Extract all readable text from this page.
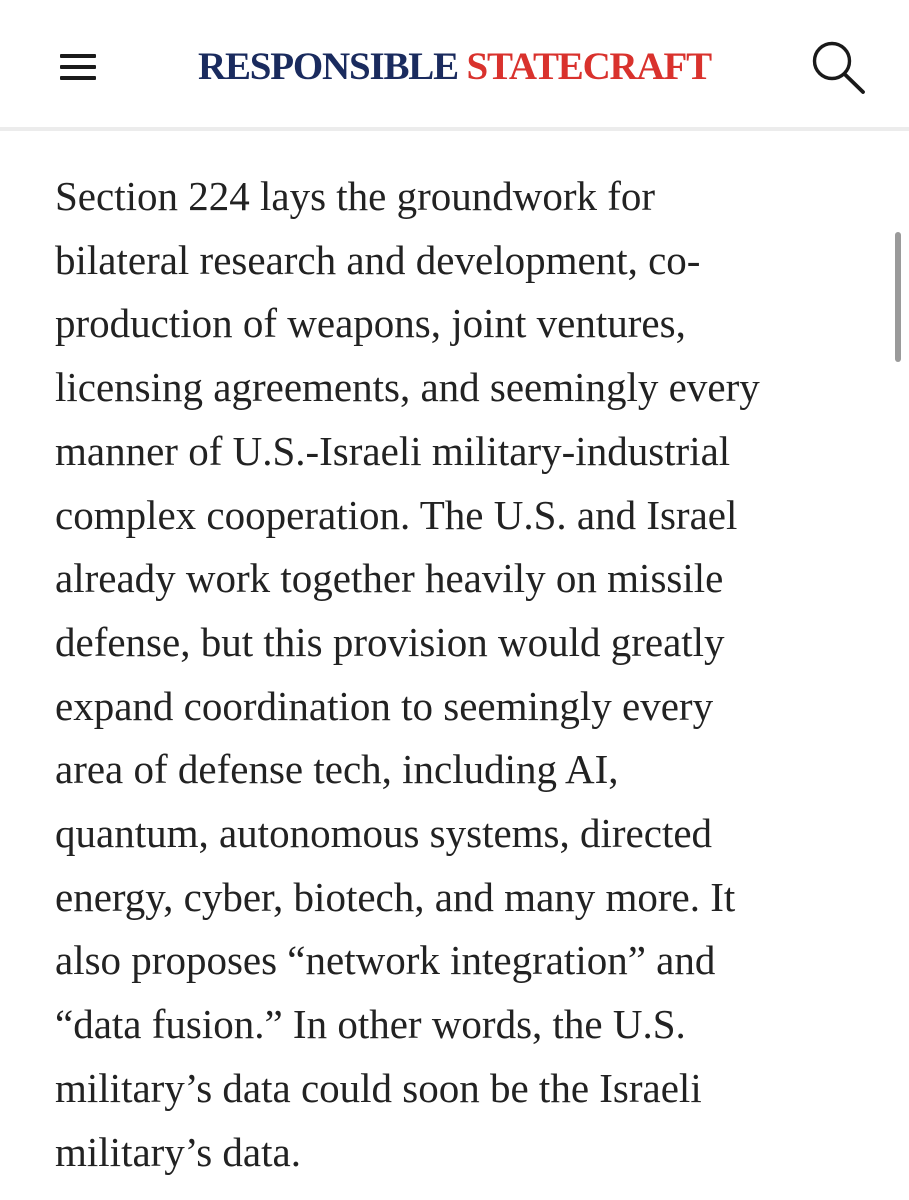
RESPONSIBLE STATECRAFT
Section 224 lays the groundwork for
bilateral research and development, co-
production of weapons, joint ventures,
licensing agreements, and seemingly every
manner of U.S.-Israeli military-industrial
complex cooperation. The U.S. and Israel
already work together heavily on missile
defense, but this provision would greatly
expand coordination to seemingly every
area of defense tech, including AI,
quantum, autonomous systems, directed
energy, cyber, biotech, and many more. It
also proposes “network integration” and
“data fusion.” In other words, the U.S.
military’s data could soon be the Israeli
military’s data.
